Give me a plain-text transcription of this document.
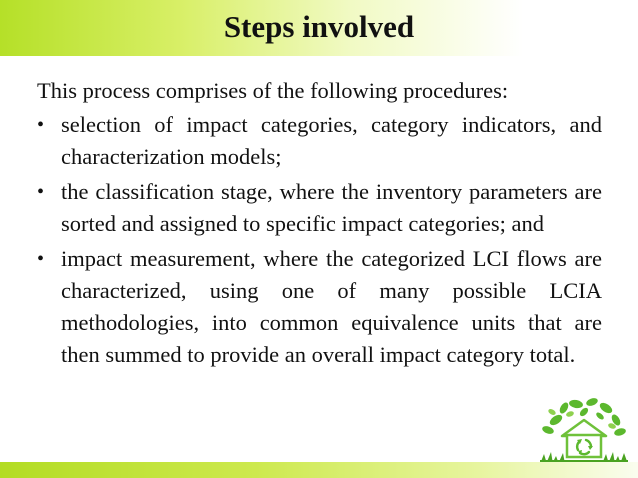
Steps involved

This process comprises of the following procedures:

• selection of impact categories, category indicators, and characterization models;
• the classification stage, where the inventory parameters are sorted and assigned to specific impact categories; and
• impact measurement, where the categorized LCI flows are characterized, using one of many possible LCIA methodologies, into common equivalence units that are then summed to provide an overall impact category total.
